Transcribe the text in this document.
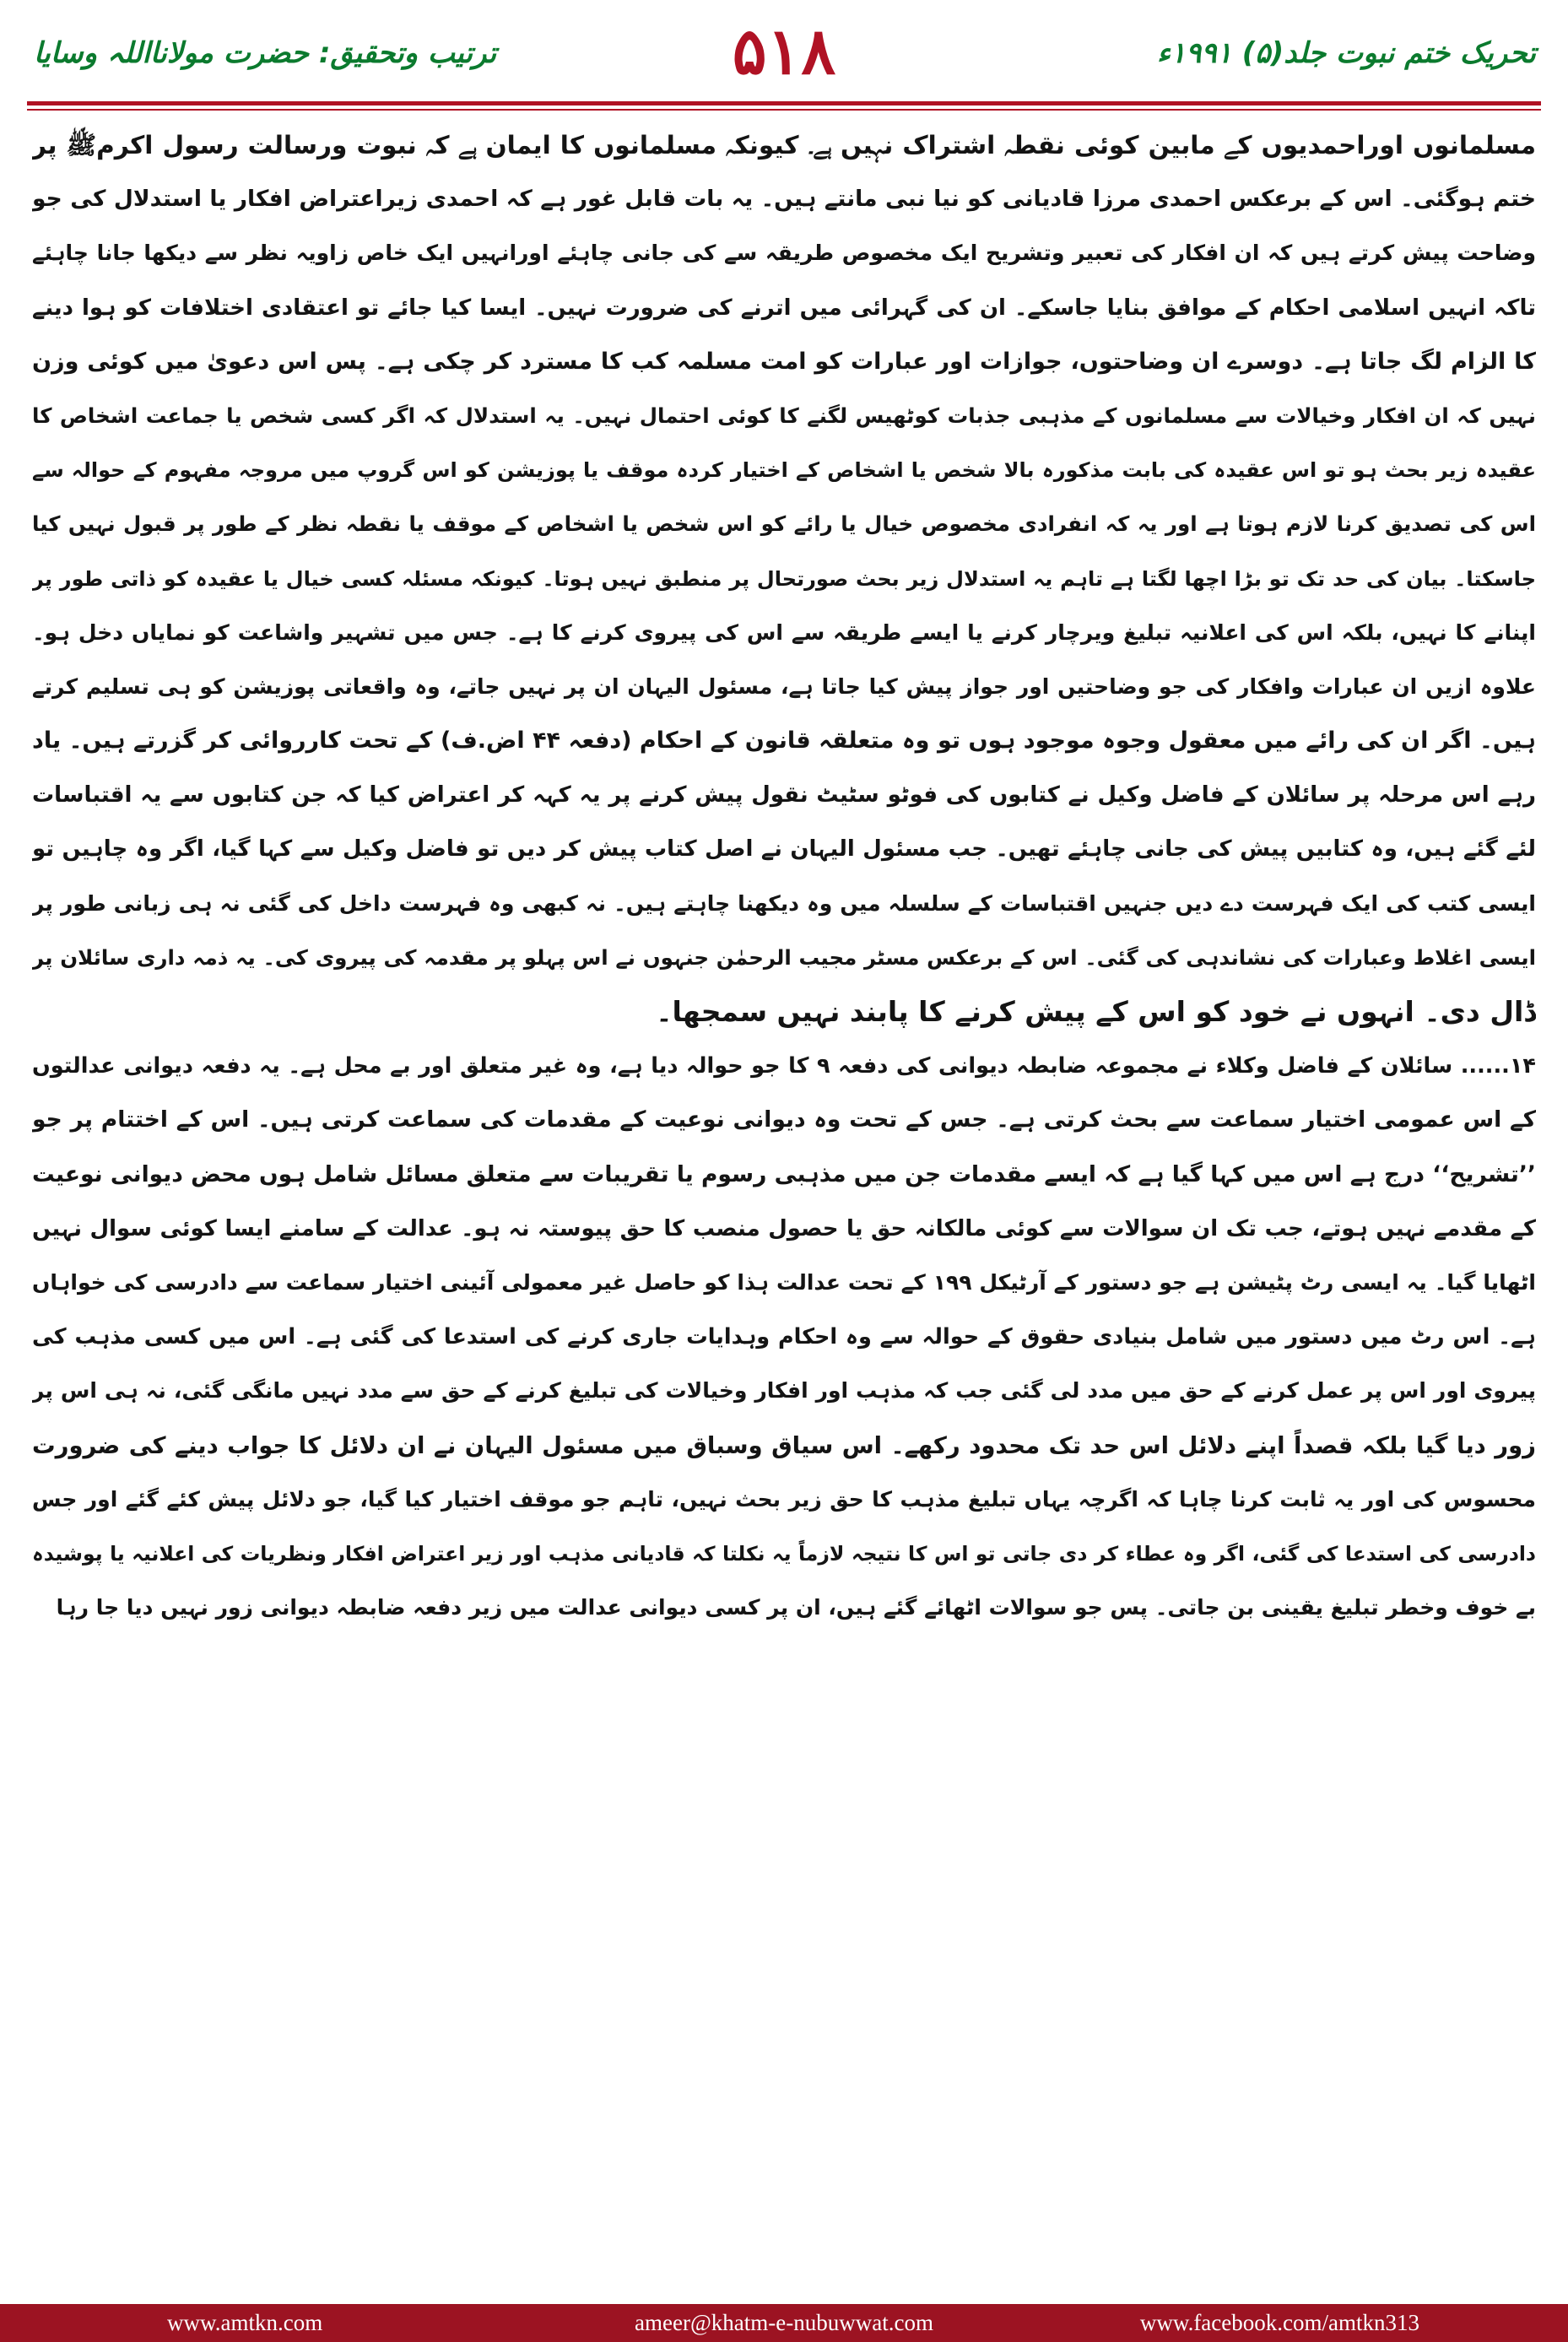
ترتیب وتحقیق: حضرت مولانااللہ وسایا	۵۱۸	تحریک ختم نبوت جلد(۵) ۱۹۹۱ء
مسلمانوں اوراحمدیوں کے مابین کوئی نقطہ اشتراک نہیں ہے۔ کیونکہ مسلمانوں کا ایمان ہے کہ نبوت ورسالت رسول اکرمﷺ پر
ختم ہوگئی۔ اس کے برعکس احمدی مرزا قادیانی کو نیا نبی مانتے ہیں۔ یہ بات قابل غور ہے کہ احمدی زیراعتراض افکار یا استدلال کی جو
وضاحت پیش کرتے ہیں کہ ان افکار کی تعبیر وتشریح ایک مخصوص طریقہ سے کی جانی چاہئے اورانہیں ایک خاص زاویہ نظر سے دیکھا جانا چاہئے
تاکہ انہیں اسلامی احکام کے موافق بنایا جاسکے۔ ان کی گہرائی میں اترنے کی ضرورت نہیں۔ ایسا کیا جائے تو اعتقادی اختلافات کو ہوا دینے
کا الزام لگ جاتا ہے۔ دوسرے ان وضاحتوں، جوازات اور عبارات کو امت مسلمہ کب کا مسترد کر چکی ہے۔ پس اس دعویٰ میں کوئی وزن
نہیں کہ ان افکار وخیالات سے مسلمانوں کے مذہبی جذبات کوٹھیس لگنے کا کوئی احتمال نہیں۔ یہ استدلال کہ اگر کسی شخص یا جماعت اشخاص کا
عقیدہ زیر بحث ہو تو اس عقیدہ کی بابت مذکورہ بالا شخص یا اشخاص کے اختیار کردہ موقف یا پوزیشن کو اس گروپ میں مروجہ مفہوم کے حوالہ سے
اس کی تصدیق کرنا لازم ہوتا ہے اور یہ کہ انفرادی مخصوص خیال یا رائے کو اس شخص یا اشخاص کے موقف یا نقطہ نظر کے طور پر قبول نہیں کیا
جاسکتا۔ بیان کی حد تک تو بڑا اچھا لگتا ہے تاہم یہ استدلال زیر بحث صورتحال پر منطبق نہیں ہوتا۔ کیونکہ مسئلہ کسی خیال یا عقیدہ کو ذاتی طور پر
اپنانے کا نہیں، بلکہ اس کی اعلانیہ تبلیغ ویرچار کرنے یا ایسے طریقہ سے اس کی پیروی کرنے کا ہے۔ جس میں تشہیر واشاعت کو نمایاں دخل ہو۔
علاوہ ازیں ان عبارات وافکار کی جو وضاحتیں اور جواز پیش کیا جاتا ہے، مسئول الیہان ان پر نہیں جاتے، وہ واقعاتی پوزیشن کو ہی تسلیم کرتے
ہیں۔ اگر ان کی رائے میں معقول وجوہ موجود ہوں تو وہ متعلقہ قانون کے احکام (دفعہ ۴۴ اض.ف) کے تحت کارروائی کر گزرتے ہیں۔ یاد
رہے اس مرحلہ پر سائلان کے فاضل وکیل نے کتابوں کی فوٹو سٹیٹ نقول پیش کرنے پر یہ کہہ کر اعتراض کیا کہ جن کتابوں سے یہ اقتباسات
لئے گئے ہیں، وہ کتابیں پیش کی جانی چاہئے تھیں۔ جب مسئول الیہان نے اصل کتاب پیش کر دیں تو فاضل وکیل سے کہا گیا، اگر وہ چاہیں تو
ایسی کتب کی ایک فہرست دے دیں جنہیں اقتباسات کے سلسلہ میں وہ دیکھنا چاہتے ہیں۔ نہ کبھی وہ فہرست داخل کی گئی نہ ہی زبانی طور پر
ایسی اغلاط وعبارات کی نشاندہی کی گئی۔ اس کے برعکس مسٹر مجیب الرحمٰن جنہوں نے اس پہلو پر مقدمہ کی پیروی کی۔ یہ ذمہ داری سائلان پر
ڈال دی۔ انہوں نے خود کو اس کے پیش کرنے کا پابند نہیں سمجھا۔
۱۴...... سائلان کے فاضل وکلاء نے مجموعہ ضابطہ دیوانی کی دفعہ ۹ کا جو حوالہ دیا ہے، وہ غیر متعلق اور بے محل ہے۔ یہ دفعہ دیوانی عدالتوں
کے اس عمومی اختیار سماعت سے بحث کرتی ہے۔ جس کے تحت وہ دیوانی نوعیت کے مقدمات کی سماعت کرتی ہیں۔ اس کے اختتام پر جو
’’تشریح‘‘ درج ہے اس میں کہا گیا ہے کہ ایسے مقدمات جن میں مذہبی رسوم یا تقریبات سے متعلق مسائل شامل ہوں محض دیوانی نوعیت
کے مقدمے نہیں ہوتے، جب تک ان سوالات سے کوئی مالکانہ حق یا حصول منصب کا حق پیوستہ نہ ہو۔ عدالت کے سامنے ایسا کوئی سوال نہیں
اٹھایا گیا۔ یہ ایسی رٹ پٹیشن ہے جو دستور کے آرٹیکل ۱۹۹ کے تحت عدالت ہذا کو حاصل غیر معمولی آئینی اختیار سماعت سے دادرسی کی خواہاں
ہے۔ اس رٹ میں دستور میں شامل بنیادی حقوق کے حوالہ سے وہ احکام وہدایات جاری کرنے کی استدعا کی گئی ہے۔ اس میں کسی مذہب کی
پیروی اور اس پر عمل کرنے کے حق میں مدد لی گئی جب کہ مذہب اور افکار وخیالات کی تبلیغ کرنے کے حق سے مدد نہیں مانگی گئی، نہ ہی اس پر
زور دیا گیا بلکہ قصداً اپنے دلائل اس حد تک محدود رکھے۔ اس سیاق وسباق میں مسئول الیہان نے ان دلائل کا جواب دینے کی ضرورت
محسوس کی اور یہ ثابت کرنا چاہا کہ اگرچہ یہاں تبلیغ مذہب کا حق زیر بحث نہیں، تاہم جو موقف اختیار کیا گیا، جو دلائل پیش کئے گئے اور جس
دادرسی کی استدعا کی گئی، اگر وہ عطاء کر دی جاتی تو اس کا نتیجہ لازماً یہ نکلتا کہ قادیانی مذہب اور زیر اعتراض افکار ونظریات کی اعلانیہ یا پوشیدہ
بے خوف وخطر تبلیغ یقینی بن جاتی۔ پس جو سوالات اٹھائے گئے ہیں، ان پر کسی دیوانی عدالت میں زیر دفعہ ضابطہ دیوانی زور نہیں دیا جا رہا
www.amtkn.com	ameer@khatm-e-nubuwwat.com	www.facebook.com/amtkn313
